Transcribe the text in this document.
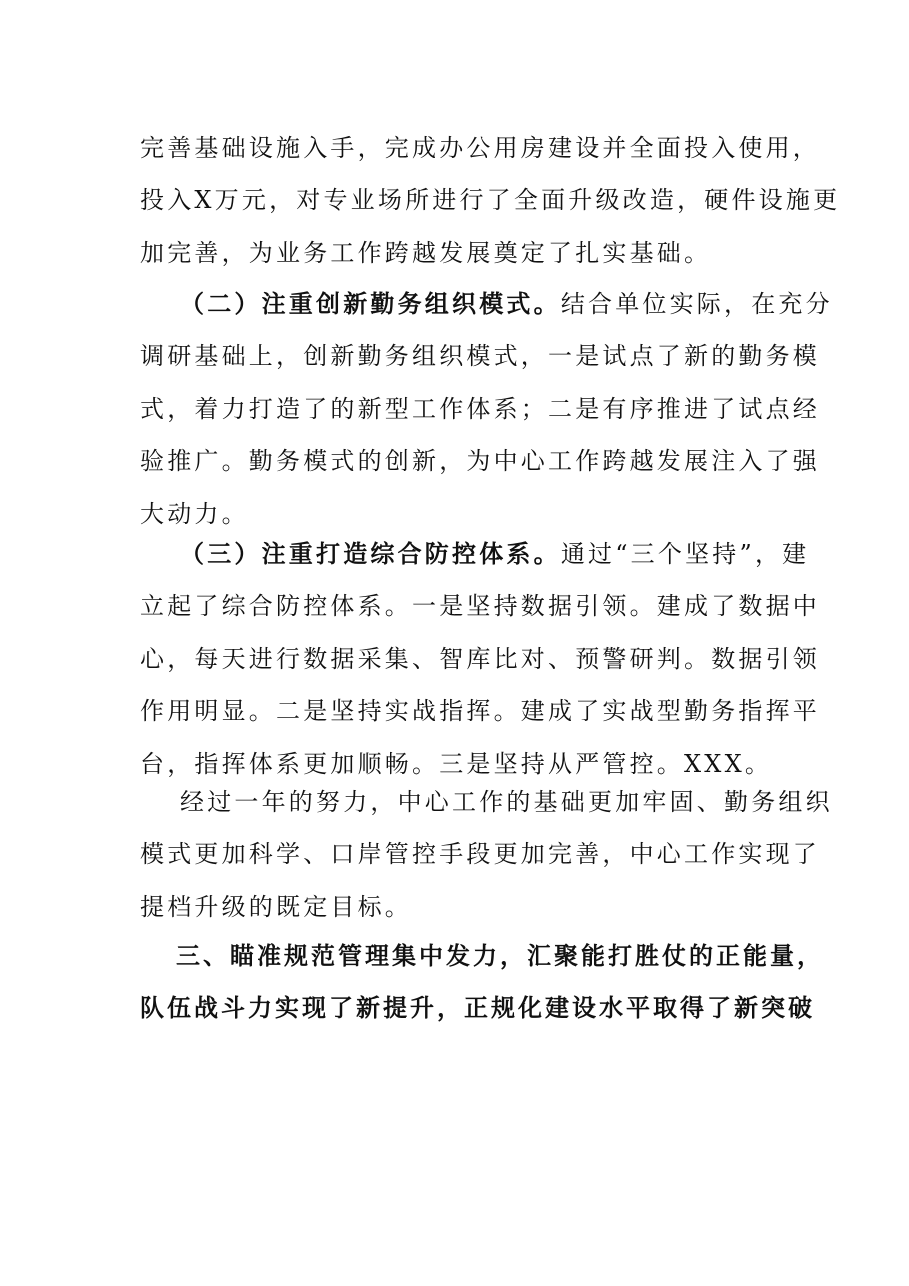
完善基础设施入手，完成办公用房建设并全面投入使用，
投入X万元，对专业场所进行了全面升级改造，硬件设施更
加完善，为业务工作跨越发展奠定了扎实基础。
（二）注重创新勤务组织模式。结合单位实际，在充分
调研基础上，创新勤务组织模式，一是试点了新的勤务模
式，着力打造了的新型工作体系；二是有序推进了试点经
验推广。勤务模式的创新，为中心工作跨越发展注入了强
大动力。
（三）注重打造综合防控体系。通过“三个坚持”，建
立起了综合防控体系。一是坚持数据引领。建成了数据中
心，每天进行数据采集、智库比对、预警研判。数据引领
作用明显。二是坚持实战指挥。建成了实战型勤务指挥平
台，指挥体系更加顺畅。三是坚持从严管控。XXX。
经过一年的努力，中心工作的基础更加牢固、勤务组织
模式更加科学、口岸管控手段更加完善，中心工作实现了
提档升级的既定目标。
三、瞄准规范管理集中发力，汇聚能打胜仗的正能量，
队伍战斗力实现了新提升，正规化建设水平取得了新突破
